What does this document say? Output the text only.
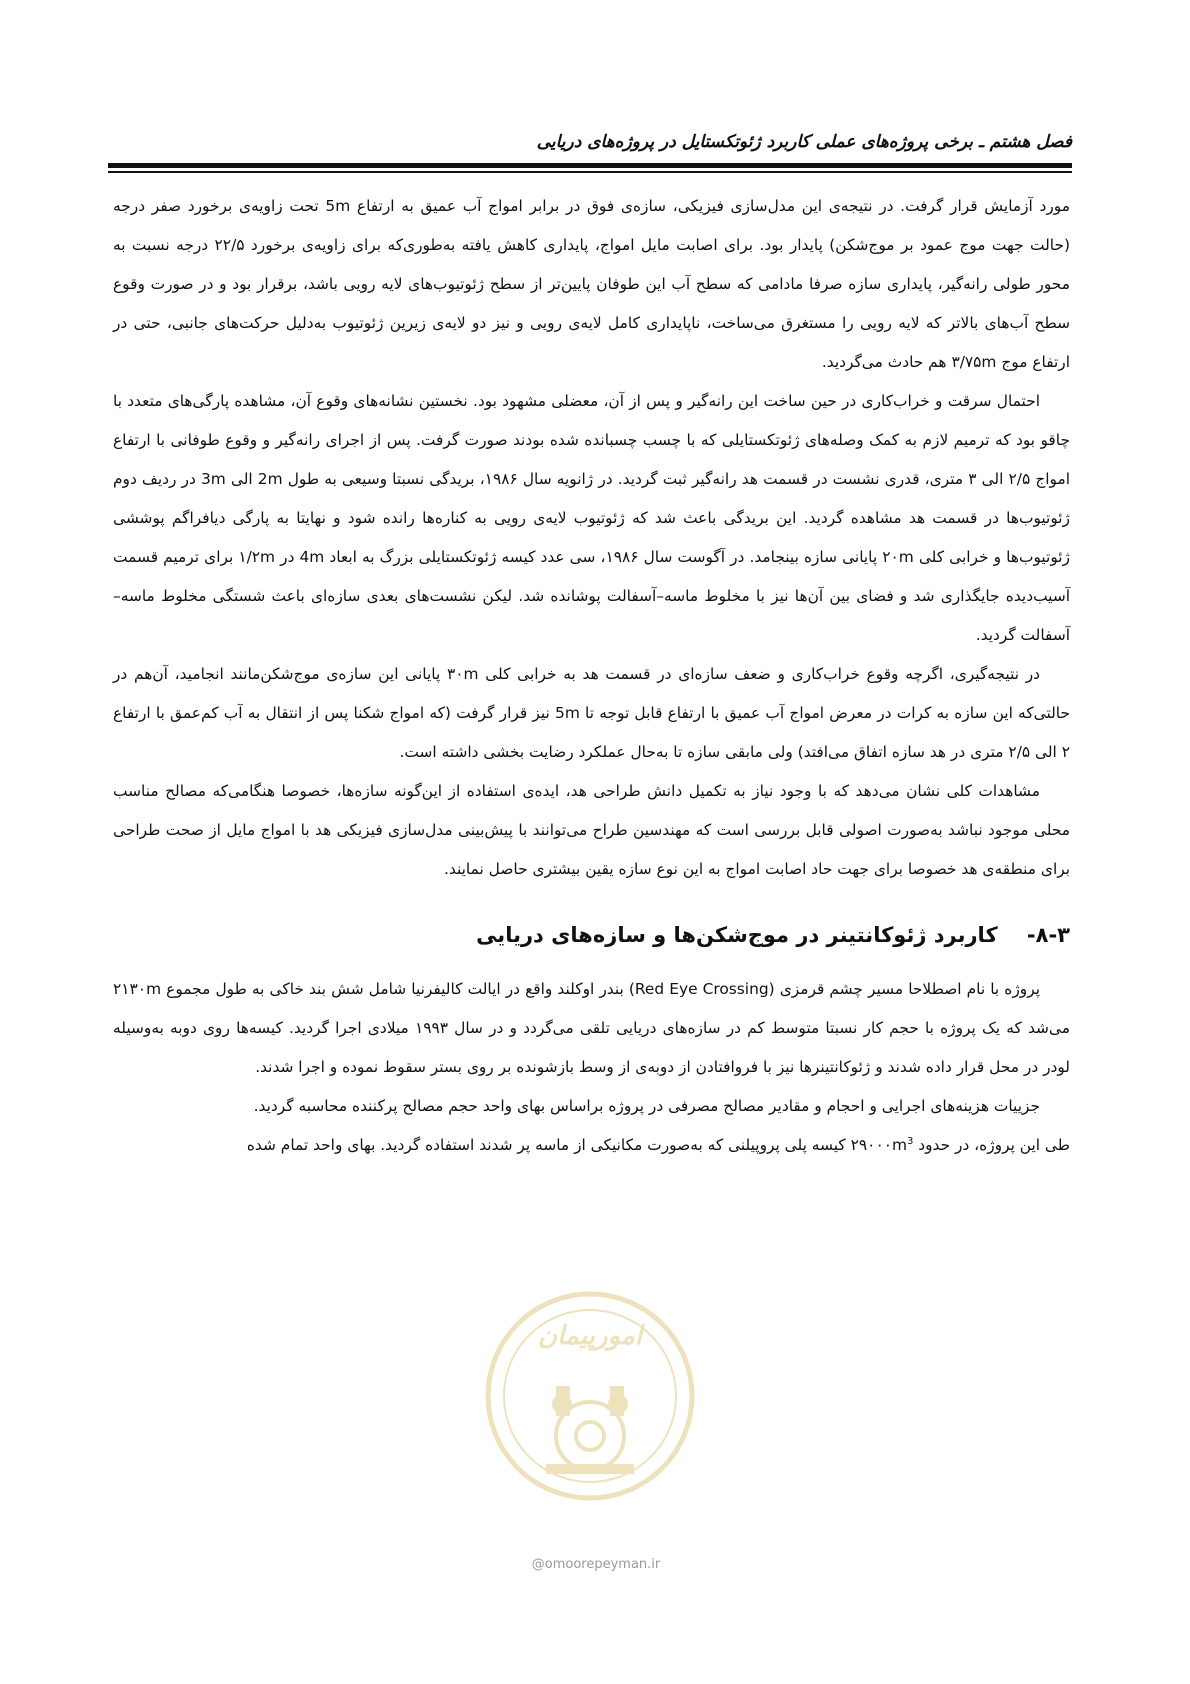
فصل هشتم ـ برخی پروژه‌های عملی کاربرد ژئوتکستایل در پروژه‌های دریایی

مورد آزمایش قرار گرفت. در نتیجه‌ی این مدل‌سازی فیزیکی، سازه‌ی فوق در برابر امواج آب عمیق به ارتفاع 5m تحت زاویه‌ی برخورد صفر درجه (حالت جهت موج عمود بر موج‌شکن) پایدار بود. برای اصابت مایل امواج، پایداری کاهش یافته به‌طوری‌که برای زاویه‌ی برخورد ۲۲/۵ درجه نسبت به محور طولی رانه‌گیر، پایداری سازه صرفا مادامی که سطح آب این طوفان پایین‌تر از سطح ژئوتیوب‌های لایه رویی باشد، برقرار بود و در صورت وقوع سطح آب‌های بالاتر که لایه رویی را مستغرق می‌ساخت، ناپایداری کامل لایه‌ی رویی و نیز دو لایه‌ی زیرین ژئوتیوب به‌دلیل حرکت‌های جانبی، حتی در ارتفاع موج ۳/۷۵m هم حادث می‌گردید.

احتمال سرقت و خراب‌کاری در حین ساخت این رانه‌گیر و پس از آن، معضلی مشهود بود. نخستین نشانه‌های وقوع آن، مشاهده پارگی‌های متعدد با چاقو بود که ترمیم لازم به کمک وصله‌های ژئوتکستایلی که با چسب چسبانده شده بودند صورت گرفت. پس از اجرای رانه‌گیر و وقوع طوفانی با ارتفاع امواج ۲/۵ الی ۳ متری، قدری نشست در قسمت هد رانه‌گیر ثبت گردید. در ژانویه سال ۱۹۸۶، بریدگی نسبتا وسیعی به طول 2m الی 3m در ردیف دوم ژئوتیوب‌ها در قسمت هد مشاهده گردید. این بریدگی باعث شد که ژئوتیوب لایه‌ی رویی به کناره‌ها رانده شود و نهایتا به پارگی دیافراگم پوششی ژئوتیوب‌ها و خرابی کلی ۲۰m پایانی سازه بینجامد. در آگوست سال ۱۹۸۶، سی عدد کیسه ژئوتکستایلی بزرگ به ابعاد 4m در ۱/۲m برای ترمیم قسمت آسیب‌دیده جایگذاری شد و فضای بین آن‌ها نیز با مخلوط ماسه–آسفالت پوشانده شد. لیکن نشست‌های بعدی سازه‌ای باعث شستگی مخلوط ماسه–آسفالت گردید.

در نتیجه‌گیری، اگرچه وقوع خراب‌کاری و ضعف سازه‌ای در قسمت هد به خرابی کلی ۳۰m پایانی این سازه‌ی موج‌شکن‌مانند انجامید، آن‌هم در حالتی‌که این سازه به کرات در معرض امواج آب عمیق با ارتفاع قابل توجه تا 5m نیز قرار گرفت (که امواج شکنا پس از انتقال به آب کم‌عمق با ارتفاع ۲ الی ۲/۵ متری در هد سازه اتفاق می‌افتد) ولی مابقی سازه تا به‌حال عملکرد رضایت بخشی داشته است.

مشاهدات کلی نشان می‌دهد که با وجود نیاز به تکمیل دانش طراحی هد، ایده‌ی استفاده از این‌گونه سازه‌ها، خصوصا هنگامی‌که مصالح مناسب محلی موجود نباشد به‌صورت اصولی قابل بررسی است که مهندسین طراح می‌توانند با پیش‌بینی مدل‌سازی فیزیکی هد با امواج مایل از صحت طراحی برای منطقه‌ی هد خصوصا برای جهت حاد اصابت امواج به این نوع سازه یقین بیشتری حاصل نمایند.

۸-۳-    کاربرد ژئوکانتینر در موج‌شکن‌ها و سازه‌های دریایی

پروژه با نام اصطلاحا مسیر چشم قرمزی (Red Eye Crossing) بندر اوکلند واقع در ایالت کالیفرنیا شامل شش بند خاکی به طول مجموع ۲۱۳۰m می‌شد که یک پروژه با حجم کار نسبتا متوسط کم در سازه‌های دریایی تلقی می‌گردد و در سال ۱۹۹۳ میلادی اجرا گردید. کیسه‌ها روی دوبه به‌وسیله لودر در محل قرار داده شدند و ژئوکانتینرها نیز با فروافتادن از دوبه‌ی از وسط بازشونده بر روی بستر سقوط نموده و اجرا شدند.

جزییات هزینه‌های اجرایی و احجام و مقادیر مصالح مصرفی در پروژه براساس بهای واحد حجم مصالح پرکننده محاسبه گردید.

طی این پروژه، در حدود $۲۹۰۰۰m^3$ کیسه پلی پروپیلنی که به‌صورت مکانیکی از ماسه پر شدند استفاده گردید. بهای واحد تمام شده

امورپیمان
@omoorepeyman.ir
